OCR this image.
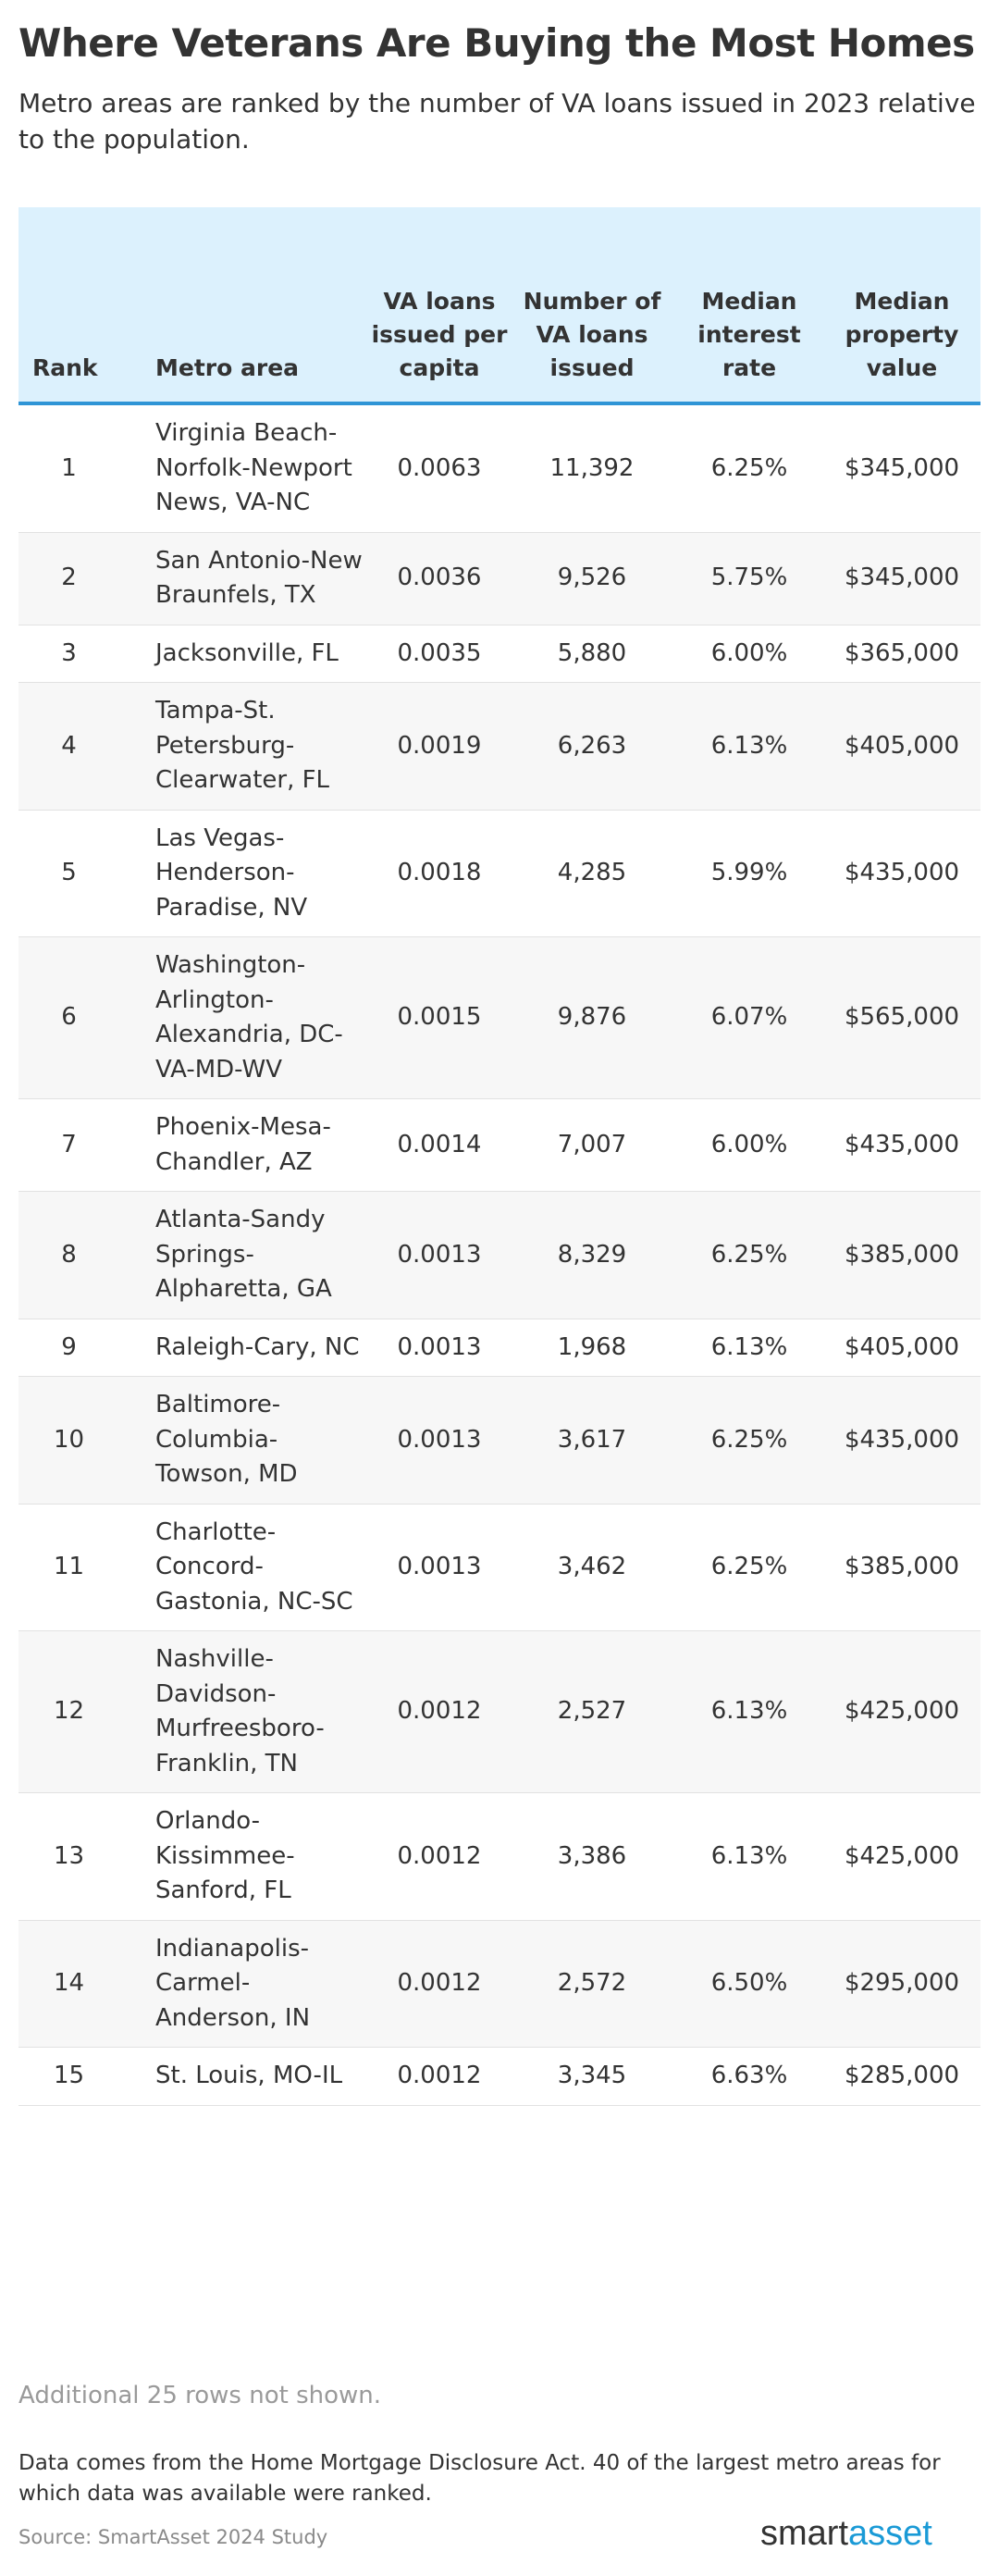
Where Veterans Are Buying the Most Homes

Metro areas are ranked by the number of VA loans issued in 2023 relative to the population.

Rank	Metro area	VA loans issued per capita	Number of VA loans issued	Median interest rate	Median property value
1	Virginia Beach-Norfolk-Newport News, VA-NC	0.0063	11,392	6.25%	$345,000
2	San Antonio-New Braunfels, TX	0.0036	9,526	5.75%	$345,000
3	Jacksonville, FL	0.0035	5,880	6.00%	$365,000
4	Tampa-St. Petersburg-Clearwater, FL	0.0019	6,263	6.13%	$405,000
5	Las Vegas-Henderson-Paradise, NV	0.0018	4,285	5.99%	$435,000
6	Washington-Arlington-Alexandria, DC-VA-MD-WV	0.0015	9,876	6.07%	$565,000
7	Phoenix-Mesa-Chandler, AZ	0.0014	7,007	6.00%	$435,000
8	Atlanta-Sandy Springs-Alpharetta, GA	0.0013	8,329	6.25%	$385,000
9	Raleigh-Cary, NC	0.0013	1,968	6.13%	$405,000
10	Baltimore-Columbia-Towson, MD	0.0013	3,617	6.25%	$435,000
11	Charlotte-Concord-Gastonia, NC-SC	0.0013	3,462	6.25%	$385,000
12	Nashville-Davidson-Murfreesboro-Franklin, TN	0.0012	2,527	6.13%	$425,000
13	Orlando-Kissimmee-Sanford, FL	0.0012	3,386	6.13%	$425,000
14	Indianapolis-Carmel-Anderson, IN	0.0012	2,572	6.50%	$295,000
15	St. Louis, MO-IL	0.0012	3,345	6.63%	$285,000

Additional 25 rows not shown.

Data comes from the Home Mortgage Disclosure Act. 40 of the largest metro areas for which data was available were ranked.

Source: SmartAsset 2024 Study	smartasset
